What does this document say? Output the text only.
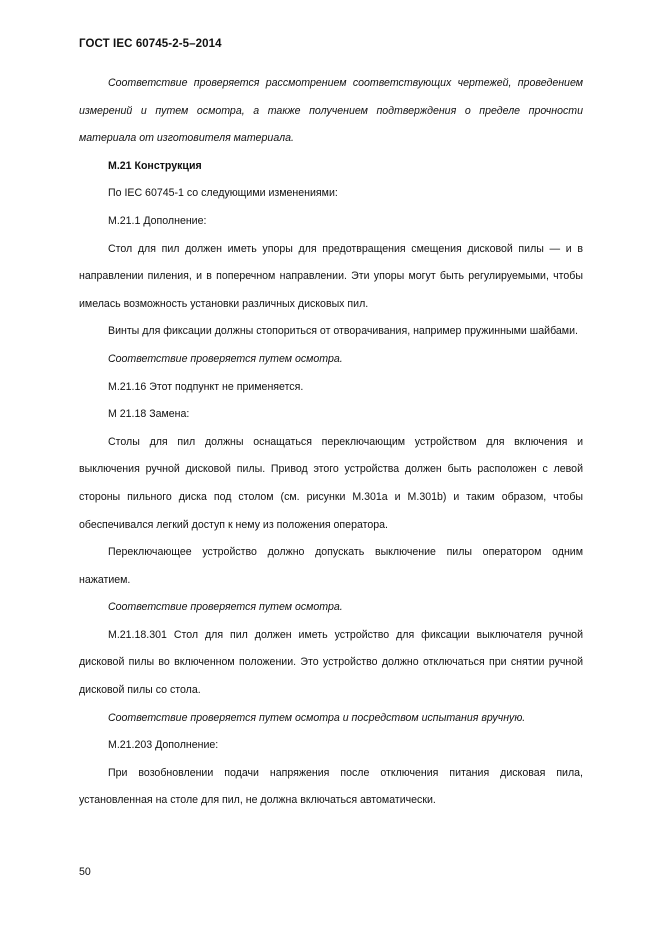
ГОСТ IEC 60745-2-5–2014

Соответствие проверяется рассмотрением соответствующих чертежей, проведением измерений и путем осмотра, а также получением подтверждения о пределе прочности материала от изготовителя материала.

M.21 Конструкция

По IEC 60745-1 со следующими изменениями:

M.21.1 Дополнение:

Стол для пил должен иметь упоры для предотвращения смещения дисковой пилы — и в направлении пиления, и в поперечном направлении. Эти упоры могут быть регулируемыми, чтобы имелась возможность установки различных дисковых пил.

Винты для фиксации должны стопориться от отворачивания, например пружинными шайбами.

Соответствие проверяется путем осмотра.

M.21.16 Этот подпункт не применяется.

M 21.18 Замена:

Столы для пил должны оснащаться переключающим устройством для включения и выключения ручной дисковой пилы. Привод этого устройства должен быть расположен с левой стороны пильного диска под столом (см. рисунки M.301a и M.301b) и таким образом, чтобы обеспечивался легкий доступ к нему из положения оператора.

Переключающее устройство должно допускать выключение пилы оператором одним нажатием.

Соответствие проверяется путем осмотра.

M.21.18.301 Стол для пил должен иметь устройство для фиксации выключателя ручной дисковой пилы во включенном положении. Это устройство должно отключаться при снятии ручной дисковой пилы со стола.

Соответствие проверяется путем осмотра и посредством испытания вручную.

M.21.203 Дополнение:

При возобновлении подачи напряжения после отключения питания дисковая пила, установленная на столе для пил, не должна включаться автоматически.

50
